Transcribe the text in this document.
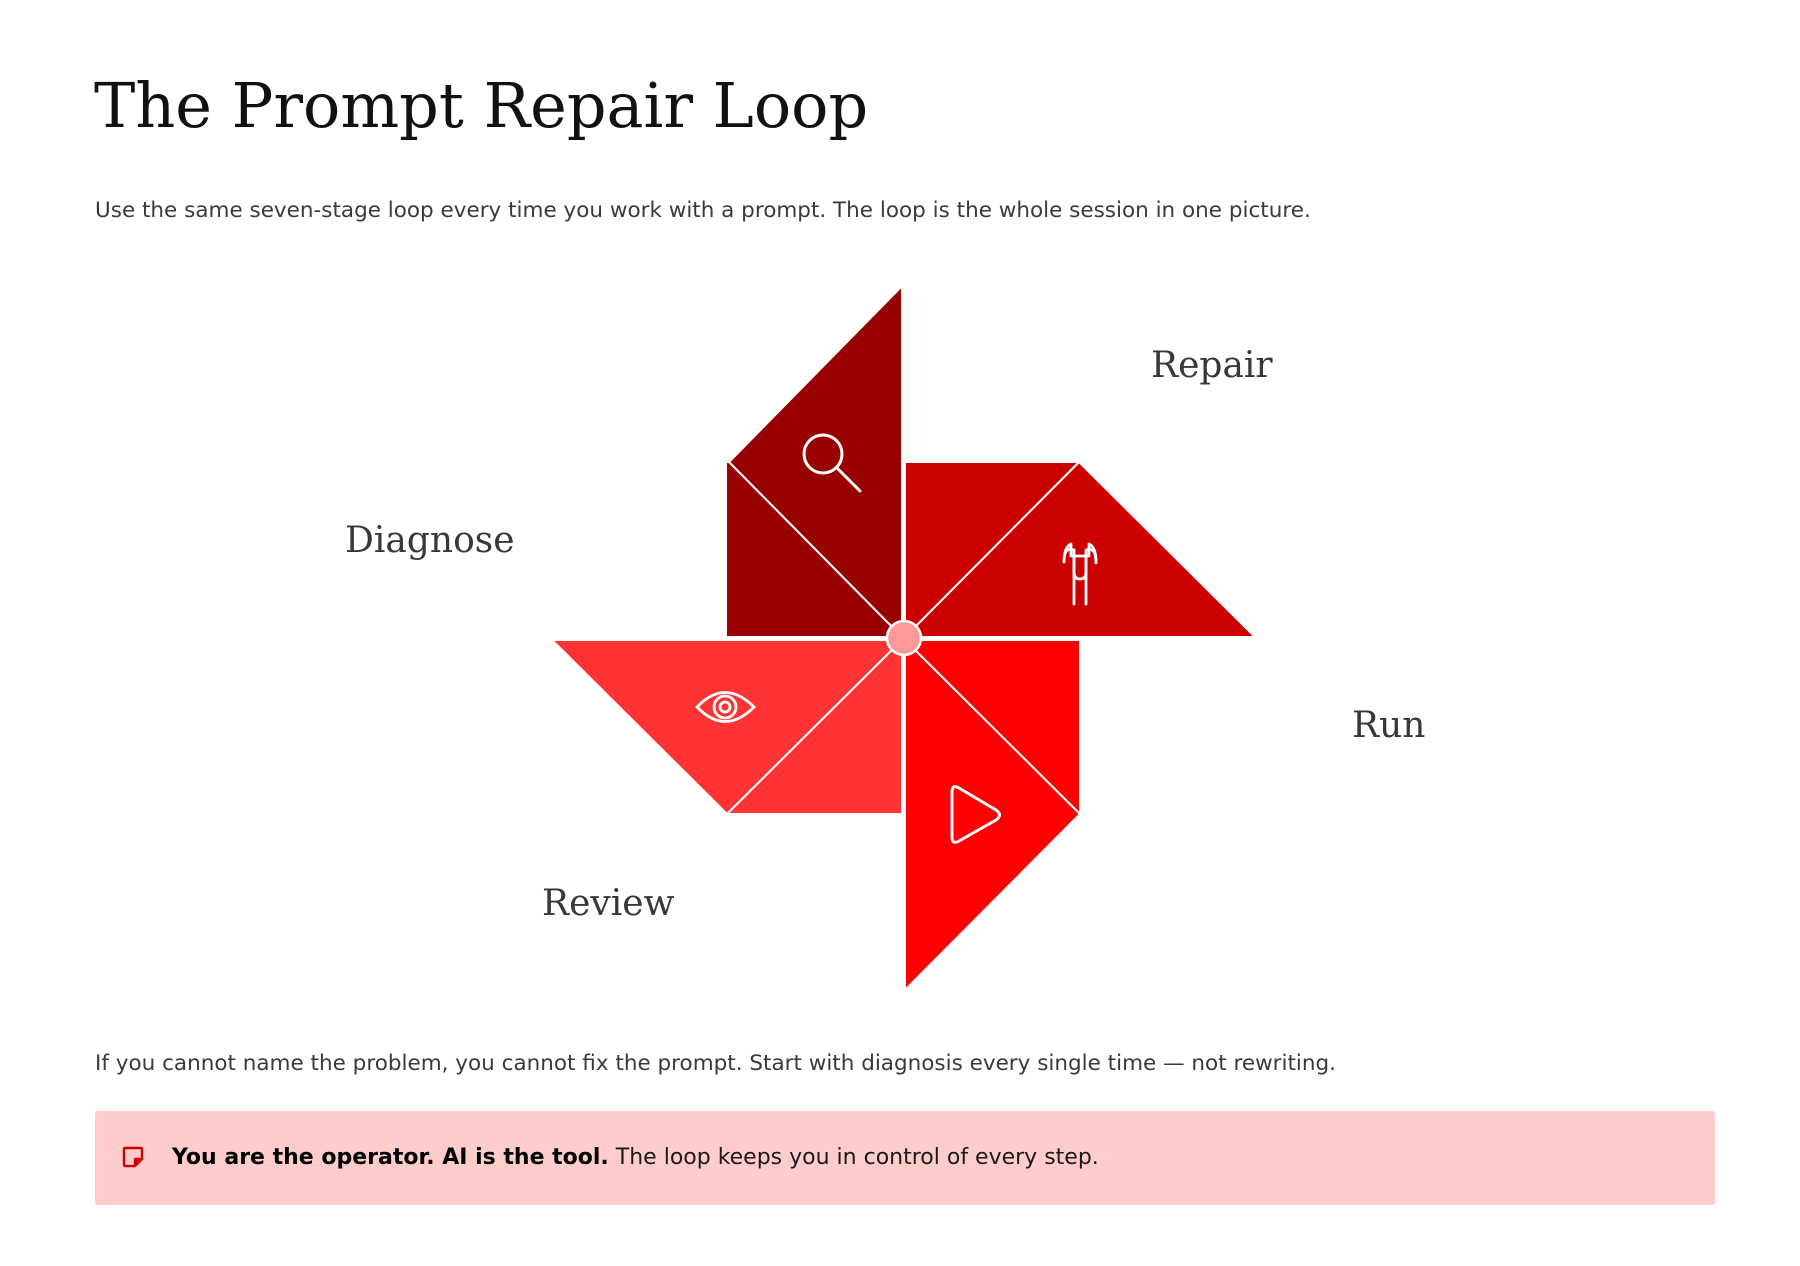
The Prompt Repair Loop

Use the same seven-stage loop every time you work with a prompt. The loop is the whole session in one picture.

Repair
Diagnose
Run
Review

If you cannot name the problem, you cannot fix the prompt. Start with diagnosis every single time — not rewriting.

You are the operator. AI is the tool. The loop keeps you in control of every step.
